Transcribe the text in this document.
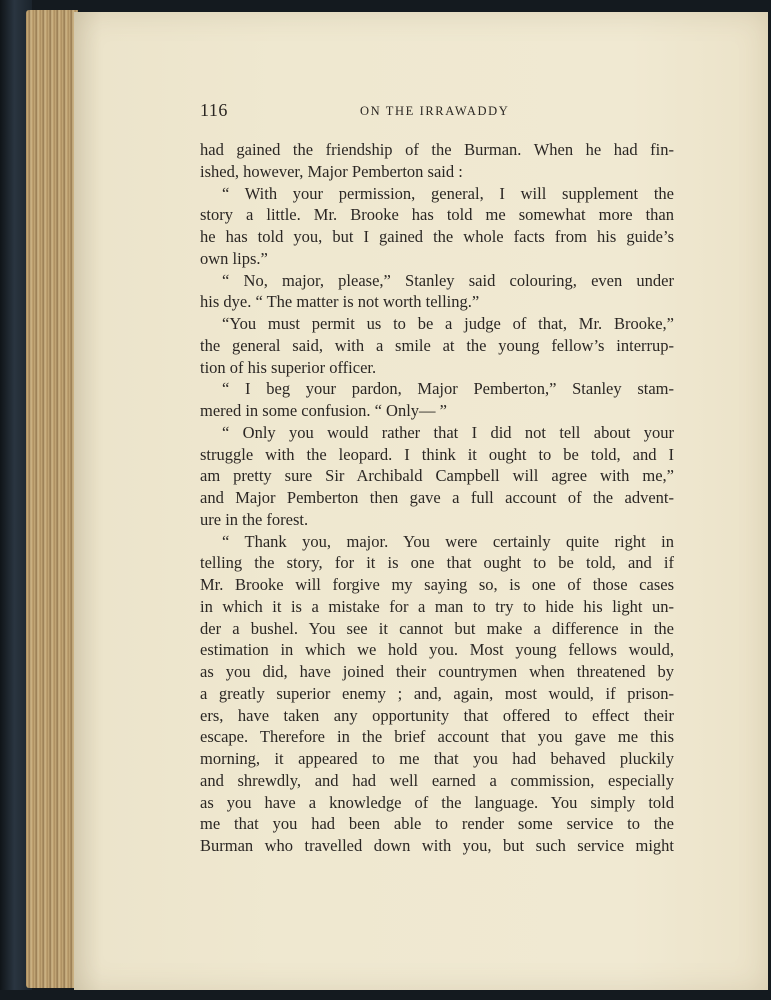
116	ON THE IRRAWADDY
had gained the friendship of the Burman. When he had fin-
ished, however, Major Pemberton said :
“ With your permission, general, I will supplement the
story a little. Mr. Brooke has told me somewhat more than
he has told you, but I gained the whole facts from his guide’s
own lips.”
“ No, major, please,” Stanley said colouring, even under
his dye. “ The matter is not worth telling.”
“You must permit us to be a judge of that, Mr. Brooke,”
the general said, with a smile at the young fellow’s interrup-
tion of his superior officer.
“ I beg your pardon, Major Pemberton,” Stanley stam-
mered in some confusion. “ Only— ”
“ Only you would rather that I did not tell about your
struggle with the leopard. I think it ought to be told, and I
am pretty sure Sir Archibald Campbell will agree with me,”
and Major Pemberton then gave a full account of the advent-
ure in the forest.
“ Thank you, major. You were certainly quite right in
telling the story, for it is one that ought to be told, and if
Mr. Brooke will forgive my saying so, is one of those cases
in which it is a mistake for a man to try to hide his light un-
der a bushel. You see it cannot but make a difference in the
estimation in which we hold you. Most young fellows would,
as you did, have joined their countrymen when threatened by
a greatly superior enemy ; and, again, most would, if prison-
ers, have taken any opportunity that offered to effect their
escape. Therefore in the brief account that you gave me this
morning, it appeared to me that you had behaved pluckily
and shrewdly, and had well earned a commission, especially
as you have a knowledge of the language. You simply told
me that you had been able to render some service to the
Burman who travelled down with you, but such service might
